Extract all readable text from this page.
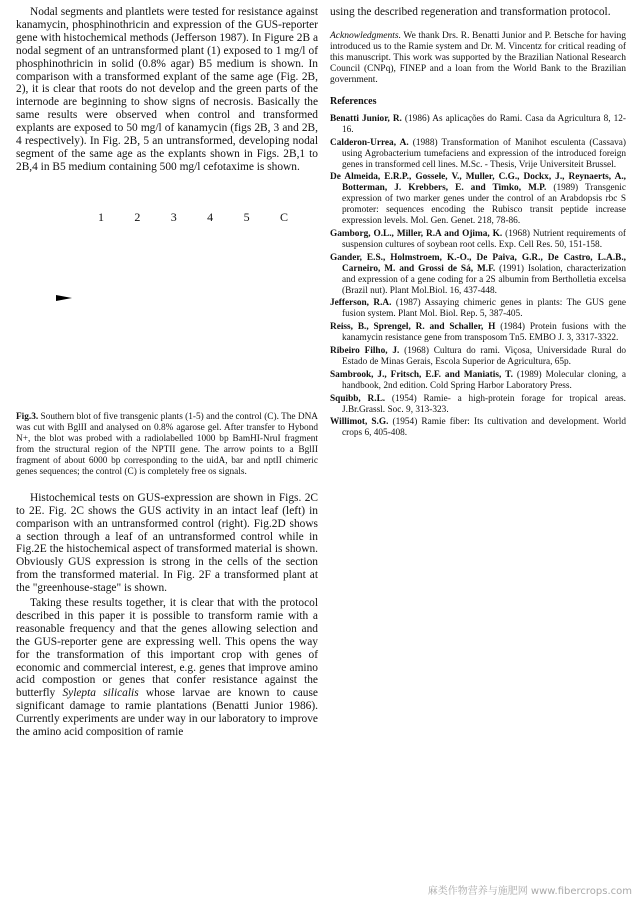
Nodal segments and plantlets were tested for resistance against kanamycin, phosphinothricin and expression of the GUS-reporter gene with histochemical methods (Jefferson 1987). In Figure 2B a nodal segment of an untransformed plant (1) exposed to 1 mg/l of phosphinothricin in solid (0.8% agar) B5 medium is shown. In comparison with a transformed explant of the same age (Fig. 2B, 2), it is clear that roots do not develop and the green parts of the internode are beginning to show signs of necrosis. Basically the same results were observed when control and transformed explants are exposed to 50 mg/l of kanamycin (figs 2B, 3 and 2B, 4 respectively). In Fig. 2B, 5 an untransformed, developing nodal segment of the same age as the explants shown in Figs. 2B,1 to 2B,4 in B5 medium containing 500 mg/l cefotaxime is shown.

1	2	3	4	5	C

Fig.3. Southern blot of five transgenic plants (1-5) and the control (C). The DNA was cut with BglII and analysed on 0.8% agarose gel. After transfer to Hybond N+, the blot was probed with a radiolabelled 1000 bp BamHI-NruI fragment from the structural region of the NPTII gene. The arrow points to a BglII fragment of about 6000 bp corresponding to the uidA, bar and nptII chimeric genes sequences; the control (C) is completely free os signals.

Histochemical tests on GUS-expression are shown in Figs. 2C to 2E. Fig. 2C shows the GUS activity in an intact leaf (left) in comparison with an untransformed control (right). Fig.2D shows a section through a leaf of an untransformed control while in Fig.2E the histochemical aspect of transformed material is shown. Obviously GUS expression is strong in the cells of the section from the transformed material. In Fig. 2F a transformed plant at the "greenhouse-stage" is shown.

Taking these results together, it is clear that with the protocol described in this paper it is possible to transform ramie with a reasonable frequency and that the genes allowing selection and the GUS-reporter gene are expressing well. This opens the way for the transformation of this important crop with genes of economic and commercial interest, e.g. genes that improve amino acid compostion or genes that confer resistance against the butterfly Sylepta silicalis whose larvae are known to cause significant damage to ramie plantations (Benatti Junior 1986). Currently experiments are under way in our laboratory to improve the amino acid composition of ramie

using the described regeneration and transformation protocol.

Acknowledgments. We thank Drs. R. Benatti Junior and P. Betsche for having introduced us to the Ramie system and Dr. M. Vincentz for critical reading of this manuscript. This work was supported by the Brazilian National Research Council (CNPq), FINEP and a loan from the World Bank to the Brazilian government.

References

Benatti Junior, R. (1986) As aplicações do Rami. Casa da Agricultura 8, 12-16.

Calderon-Urrea, A. (1988) Transformation of Manihot esculenta (Cassava) using Agrobacterium tumefaciens and expression of the introduced foreign genes in transformed cell lines. M.Sc. - Thesis, Vrije Universiteit Brussel.

De Almeida, E.R.P., Gossele, V., Muller, C.G., Dockx, J., Reynaerts, A., Botterman, J. Krebbers, E. and Timko, M.P. (1989) Transgenic expression of two marker genes under the control of an Arabdopsis rbc S promoter: sequences encoding the Rubisco transit peptide increase expression levels. Mol. Gen. Genet. 218, 78-86.

Gamborg, O.L., Miller, R.A and Ojima, K. (1968) Nutrient requirements of suspension cultures of soybean root cells. Exp. Cell Res. 50, 151-158.

Gander, E.S., Holmstroem, K.-O., De Paiva, G.R., De Castro, L.A.B., Carneiro, M. and Grossi de Sá, M.F. (1991) Isolation, characterization and expression of a gene coding for a 2S albumin from Bertholletia excelsa (Brazil nut). Plant Mol.Biol. 16, 437-448.

Jefferson, R.A. (1987) Assaying chimeric genes in plants: The GUS gene fusion system. Plant Mol. Biol. Rep. 5, 387-405.

Reiss, B., Sprengel, R. and Schaller, H (1984) Protein fusions with the kanamycin resistance gene from transposom Tn5. EMBO J. 3, 3317-3322.

Ribeiro Filho, J. (1968) Cultura do rami. Viçosa, Universidade Rural do Estado de Minas Gerais, Escola Superior de Agricultura, 65p.

Sambrook, J., Fritsch, E.F. and Maniatis, T. (1989) Molecular cloning, a handbook, 2nd edition. Cold Spring Harbor Laboratory Press.

Squibb, R.L. (1954) Ramie- a high-protein forage for tropical areas. J.Br.Grassl. Soc. 9, 313-323.

Willimot, S.G. (1954) Ramie fiber: Its cultivation and development. World crops 6, 405-408.

麻类作物营养与施肥网 www.fibercrops.com
